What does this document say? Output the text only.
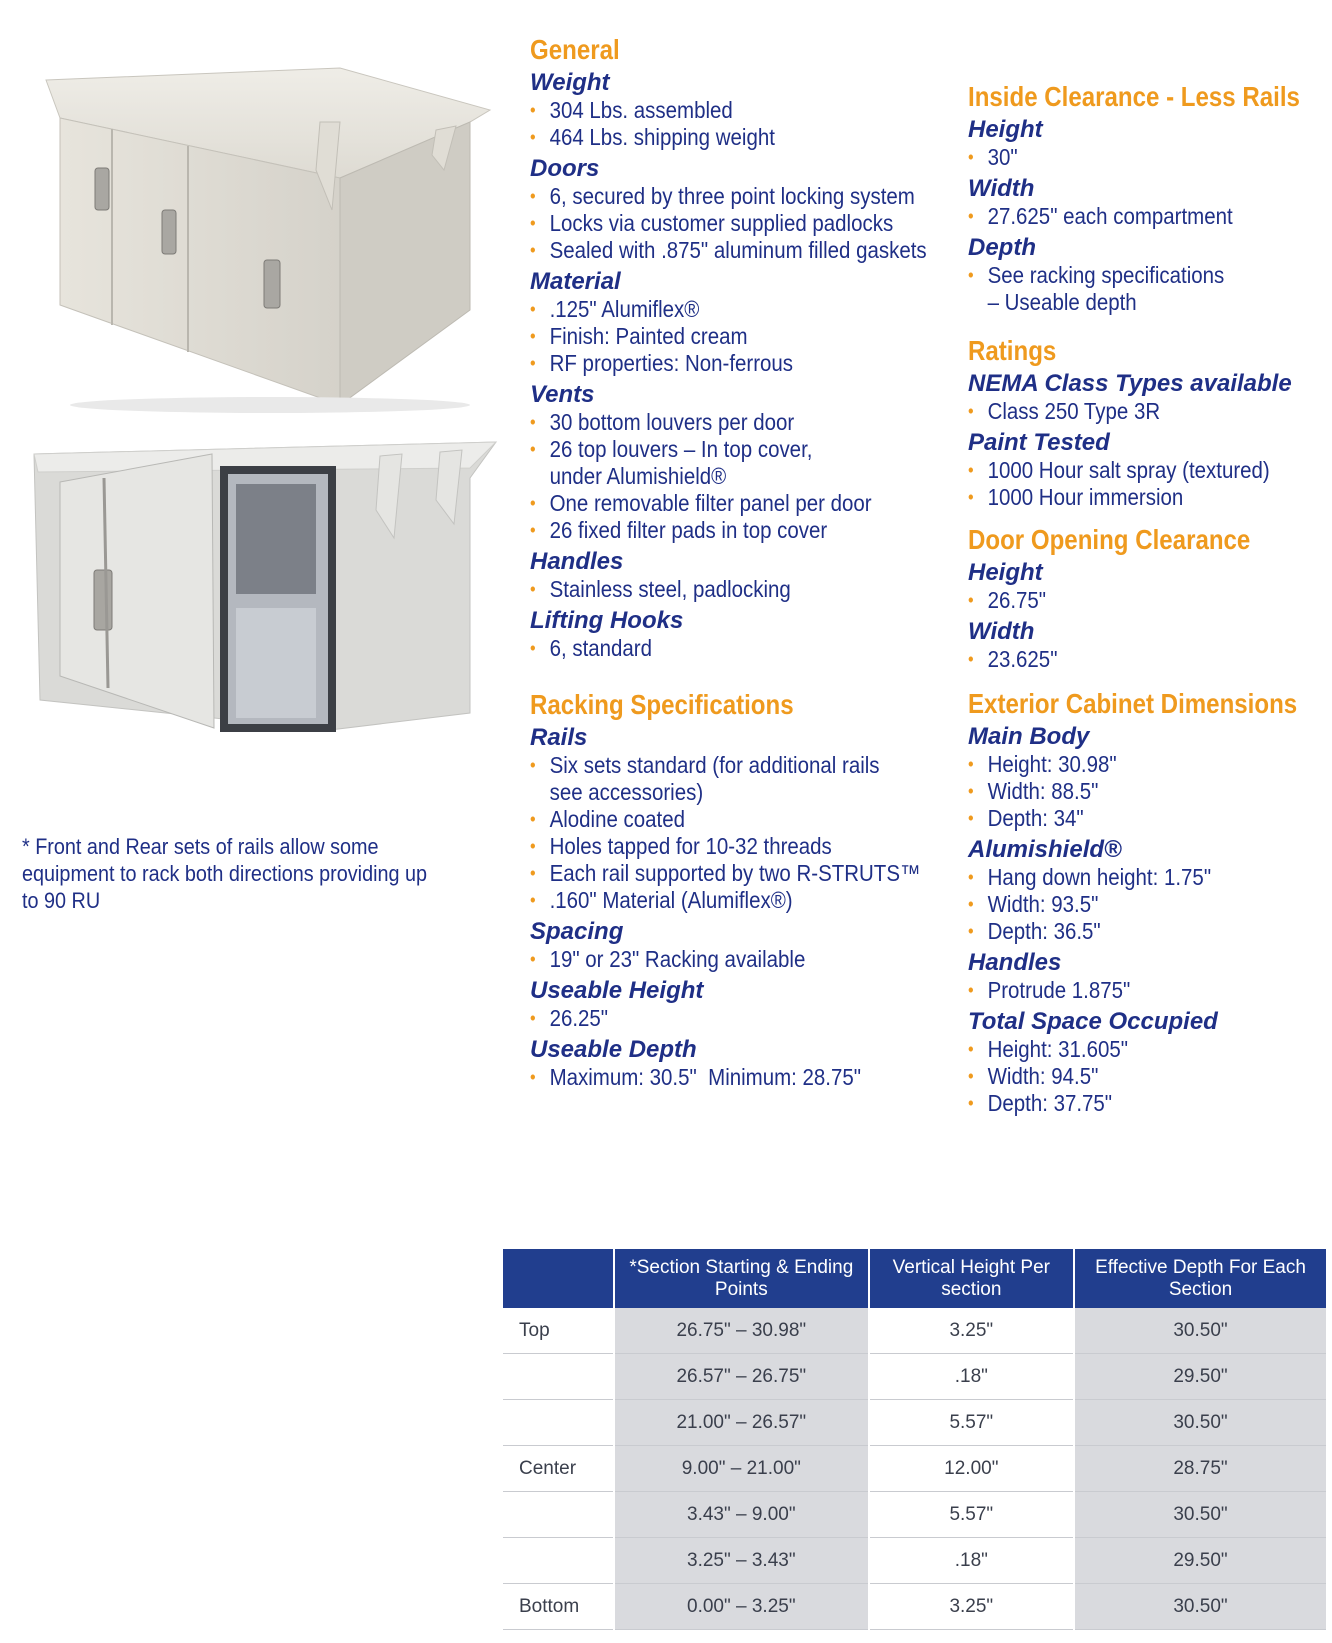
* Front and Rear sets of rails allow some equipment to rack both directions providing up to 90 RU
General
Weight
• 304 Lbs. assembled
• 464 Lbs. shipping weight
Doors
• 6, secured by three point locking system
• Locks via customer supplied padlocks
• Sealed with .875" aluminum filled gaskets
Material
• .125" Alumiflex®
• Finish: Painted cream
• RF properties: Non-ferrous
Vents
• 30 bottom louvers per door
• 26 top louvers – In top cover,
under Alumishield®
• One removable filter panel per door
• 26 fixed filter pads in top cover
Handles
• Stainless steel, padlocking
Lifting Hooks
• 6, standard
Racking Specifications
Rails
• Six sets standard (for additional rails
see accessories)
• Alodine coated
• Holes tapped for 10-32 threads
• Each rail supported by two R-STRUTS™
• .160" Material (Alumiflex®)
Spacing
• 19" or 23" Racking available
Useable Height
• 26.25"
Useable Depth
• Maximum: 30.5"  Minimum: 28.75"
Inside Clearance - Less Rails
Height
• 30"
Width
• 27.625" each compartment
Depth
• See racking specifications
– Useable depth
Ratings
NEMA Class Types available
• Class 250 Type 3R
Paint Tested
• 1000 Hour salt spray (textured)
• 1000 Hour immersion
Door Opening Clearance
Height
• 26.75"
Width
• 23.625"
Exterior Cabinet Dimensions
Main Body
• Height: 30.98"
• Width: 88.5"
• Depth: 34"
Alumishield®
• Hang down height: 1.75"
• Width: 93.5"
• Depth: 36.5"
Handles
• Protrude 1.875"
Total Space Occupied
• Height: 31.605"
• Width: 94.5"
• Depth: 37.75"
	*Section Starting & Ending Points	Vertical Height Per section	Effective Depth For Each Section
Top	26.75" – 30.98"	3.25"	30.50"
	26.57" – 26.75"	.18"	29.50"
	21.00" – 26.57"	5.57"	30.50"
Center	9.00" – 21.00"	12.00"	28.75"
	3.43" – 9.00"	5.57"	30.50"
	3.25" – 3.43"	.18"	29.50"
Bottom	0.00" – 3.25"	3.25"	30.50"
